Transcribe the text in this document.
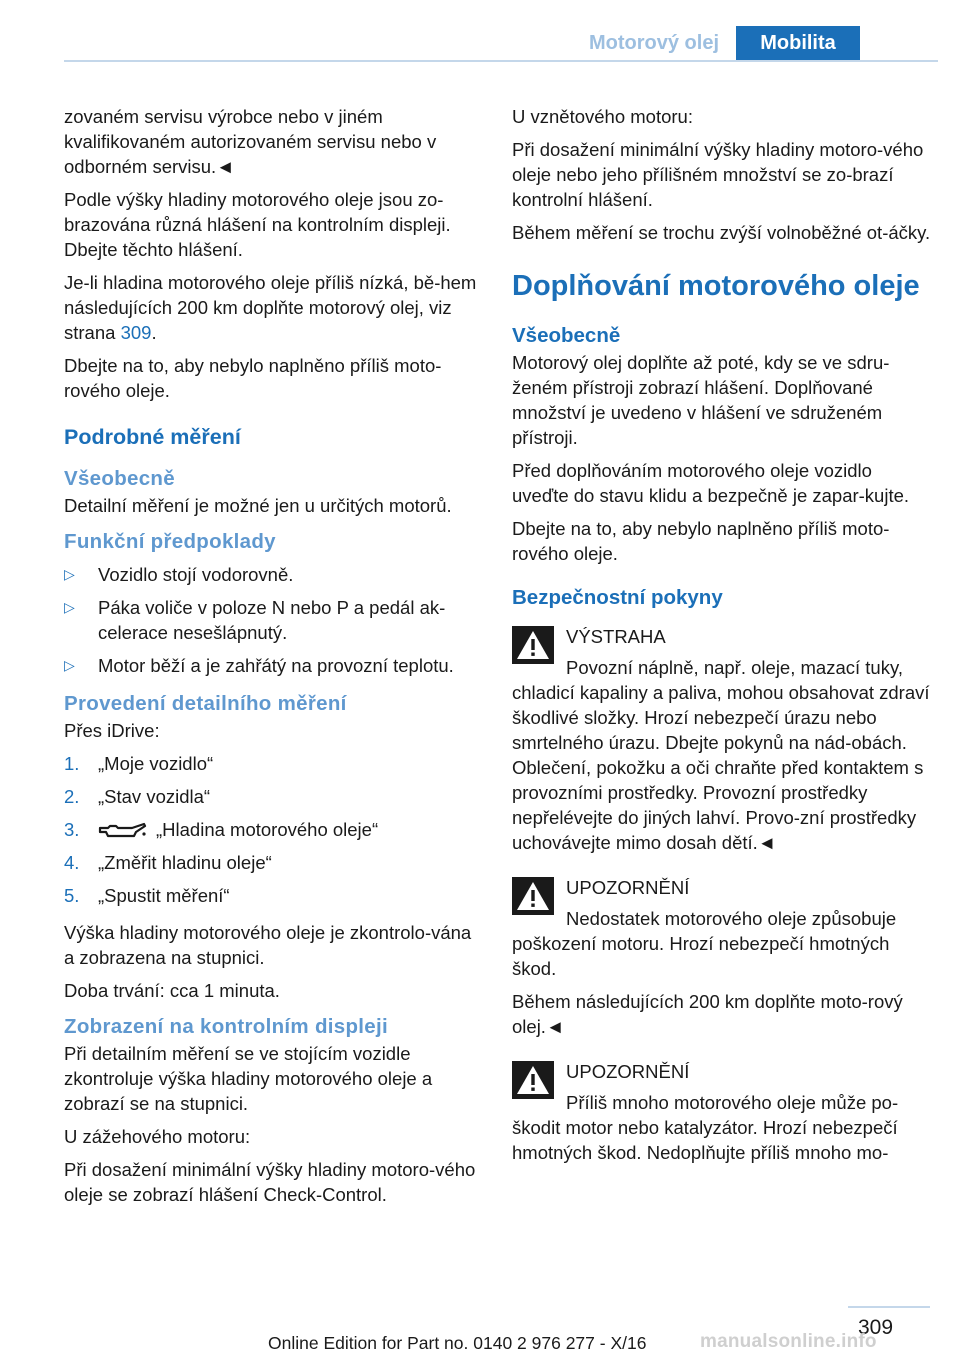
Motorový olej	Mobilita

zovaném servisu výrobce nebo v jiném kvalifikovaném autorizovaném servisu nebo v odborném servisu.◄

Podle výšky hladiny motorového oleje jsou zo‐brazována různá hlášení na kontrolním displeji. Dbejte těchto hlášení.

Je-li hladina motorového oleje příliš nízká, bě‐hem následujících 200 km doplňte motorový olej, viz strana 309.

Dbejte na to, aby nebylo naplněno příliš moto‐rového oleje.

Podrobné měření
Všeobecně

Detailní měření je možné jen u určitých motorů.

Funkční předpoklady
▷ Vozidlo stojí vodorovně.
▷ Páka voliče v poloze N nebo P a pedál ak‐celerace nesešlápnutý.
▷ Motor běží a je zahřátý na provozní teplotu.
Provedení detailního měření

Přes iDrive:

1. „Moje vozidlo“
2. „Stav vozidla“
3.	„Hladina motorového oleje“
4. „Změřit hladinu oleje“
5. „Spustit měření“

Výška hladiny motorového oleje je zkontrolo‐vána a zobrazena na stupnici.

Doba trvání: cca 1 minuta.

Zobrazení na kontrolním displeji

Při detailním měření se ve stojícím vozidle zkontroluje výška hladiny motorového oleje a zobrazí se na stupnici.

U zážehového motoru:

Při dosažení minimální výšky hladiny motoro‐vého oleje se zobrazí hlášení Check-Control.

U vznětového motoru:

Při dosažení minimální výšky hladiny motoro‐vého oleje nebo jeho přílišném množství se zo‐brazí kontrolní hlášení.

Během měření se trochu zvýší volnoběžné ot‐áčky.

Doplňování motorového oleje
Všeobecně

Motorový olej doplňte až poté, kdy se ve sdru‐ženém přístroji zobrazí hlášení. Doplňované množství je uvedeno v hlášení ve sdruženém přístroji.

Před doplňováním motorového oleje vozidlo uveďte do stavu klidu a bezpečně je zapar‐kujte.

Dbejte na to, aby nebylo naplněno příliš moto‐rového oleje.

Bezpečnostní pokyny
VÝSTRAHA
Povozní náplně, např. oleje, mazací tuky,

chladicí kapaliny a paliva, mohou obsahovat zdraví škodlivé složky. Hrozí nebezpečí úrazu nebo smrtelného úrazu. Dbejte pokynů na nád‐obách. Oblečení, pokožku a oči chraňte před kontaktem s provozními prostředky. Provozní prostředky nepřelévejte do jiných lahví. Provo‐zní prostředky uchovávejte mimo dosah dětí.◄

UPOZORNĚNÍ
Nedostatek motorového oleje způsobuje

poškození motoru. Hrozí nebezpečí hmotných škod.

Během následujících 200 km doplňte moto‐rový olej.◄

UPOZORNĚNÍ
Příliš mnoho motorového oleje může po‐

škodit motor nebo katalyzátor. Hrozí nebezpečí hmotných škod. Nedoplňujte příliš mnoho mo‐

309
Online Edition for Part no. 0140 2 976 277 - X/16	manualsonline.info
